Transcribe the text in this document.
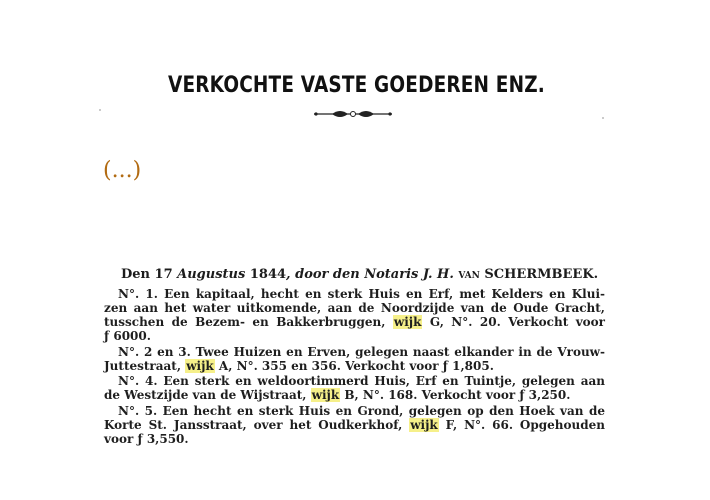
VERKOCHTE VASTE GOEDEREN ENZ.
(...)
Den 17 Augustus 1844, door den Notaris J. H. van SCHERMBEEK.
N°. 1. Een kapitaal, hecht en sterk Huis en Erf, met Kelders en Klui-
zen aan het water uitkomende, aan de Noordzijde van de Oude Gracht,
tusschen de Bezem- en Bakkerbruggen, wijk G, N°. 20. Verkocht voor
ƒ 6000.
N°. 2 en 3. Twee Huizen en Erven, gelegen naast elkander in de Vrouw-
Juttestraat, wijk A, N°. 355 en 356. Verkocht voor ƒ 1,805.
N°. 4. Een sterk en weldoortimmerd Huis, Erf en Tuintje, gelegen aan
de Westzijde van de Wijstraat, wijk B, N°. 168. Verkocht voor ƒ 3,250.
N°. 5. Een hecht en sterk Huis en Grond, gelegen op den Hoek van de
Korte St. Jansstraat, over het Oudkerkhof, wijk F, N°. 66. Opgehouden
voor ƒ 3,550.
